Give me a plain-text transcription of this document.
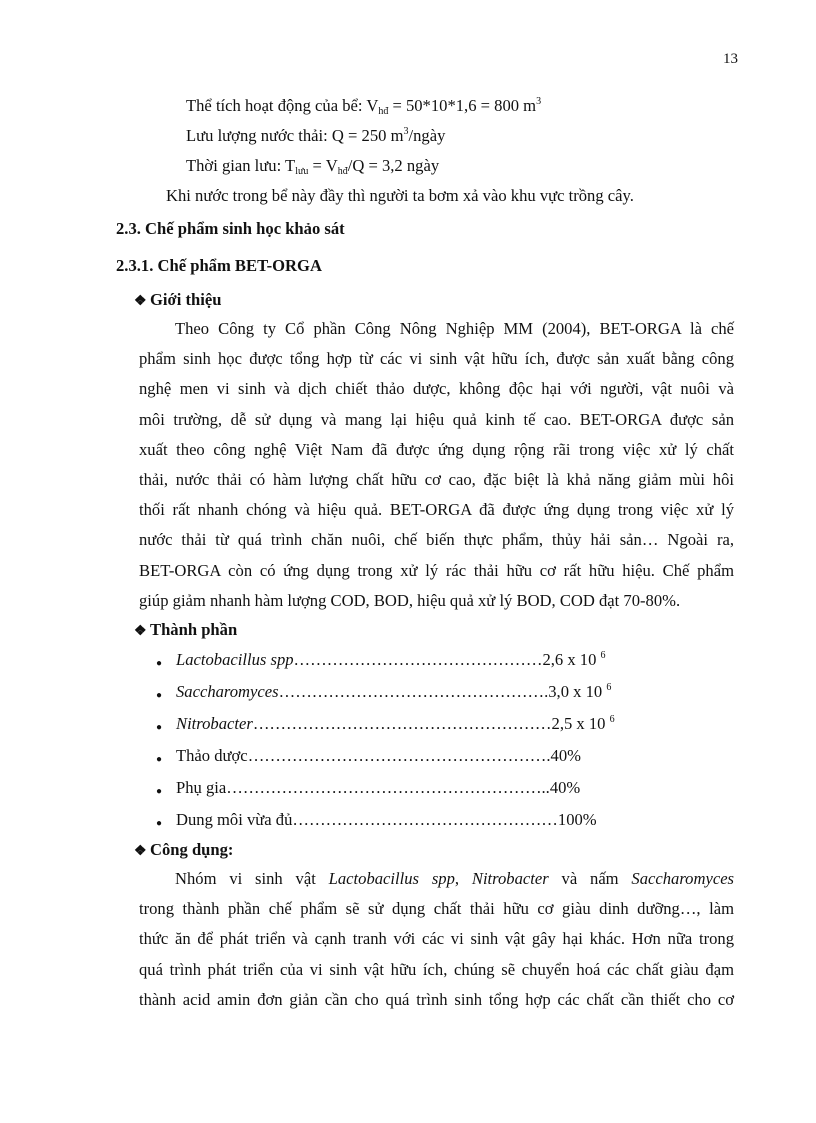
13
Thể tích hoạt động của bể: $V_{hđ} = 50*10*1,6 = 800$ $m^3$
Lưu lượng nước thải: Q = 250 $m^3$/ngày
Thời gian lưu: $T_{lưu} = V_{hđ}/Q = 3,2$ ngày
Khi nước trong bể này đầy thì người ta bơm xả vào khu vực trồng cây.
2.3. Chế phẩm sinh học khảo sát
2.3.1. Chế phẩm BET-ORGA
❖ Giới thiệu
Theo Công ty Cổ phần Công Nông Nghiệp MM (2004), BET-ORGA là chế
phẩm sinh học được tổng hợp từ các vi sinh vật hữu ích, được sản xuất bằng công
nghệ men vi sinh và dịch chiết thảo dược, không độc hại với người, vật nuôi và
môi trường, dễ sử dụng và mang lại hiệu quả kinh tế cao. BET-ORGA được sản
xuất theo công nghệ Việt Nam đã được ứng dụng rộng rãi trong việc xử lý chất
thải, nước thải có hàm lượng chất hữu cơ cao, đặc biệt là khả năng giảm mùi hôi
thối rất nhanh chóng và hiệu quả. BET-ORGA đã được ứng dụng trong việc xử lý
nước thải từ quá trình chăn nuôi, chế biến thực phẩm, thủy hải sản… Ngoài ra,
BET-ORGA còn có ứng dụng trong xử lý rác thải hữu cơ rất hữu hiệu. Chế phẩm
giúp giảm nhanh hàm lượng COD, BOD, hiệu quả xử lý BOD, COD đạt 70-80%.
❖ Thành phần
● Lactobacillus spp………………………………………2,6 x 10 $^6$
● Saccharomyces………………………………………….3,0 x 10 $^6$
● Nitrobacter………………………………………………2,5 x 10 $^6$
● Thảo dược……………………………………………….40%
● Phụ gia…………………………………………………..40%
● Dung môi vừa đủ…………………………………………100%
❖ Công dụng:
Nhóm vi sinh vật Lactobacillus spp, Nitrobacter và nấm Saccharomyces
trong thành phần chế phẩm sẽ sử dụng chất thải hữu cơ giàu dinh dưỡng…, làm
thức ăn để phát triển và cạnh tranh với các vi sinh vật gây hại khác. Hơn nữa trong
quá trình phát triển của vi sinh vật hữu ích, chúng sẽ chuyển hoá các chất giàu đạm
thành acid amin đơn giản cần cho quá trình sinh tổng hợp các chất cần thiết cho cơ
